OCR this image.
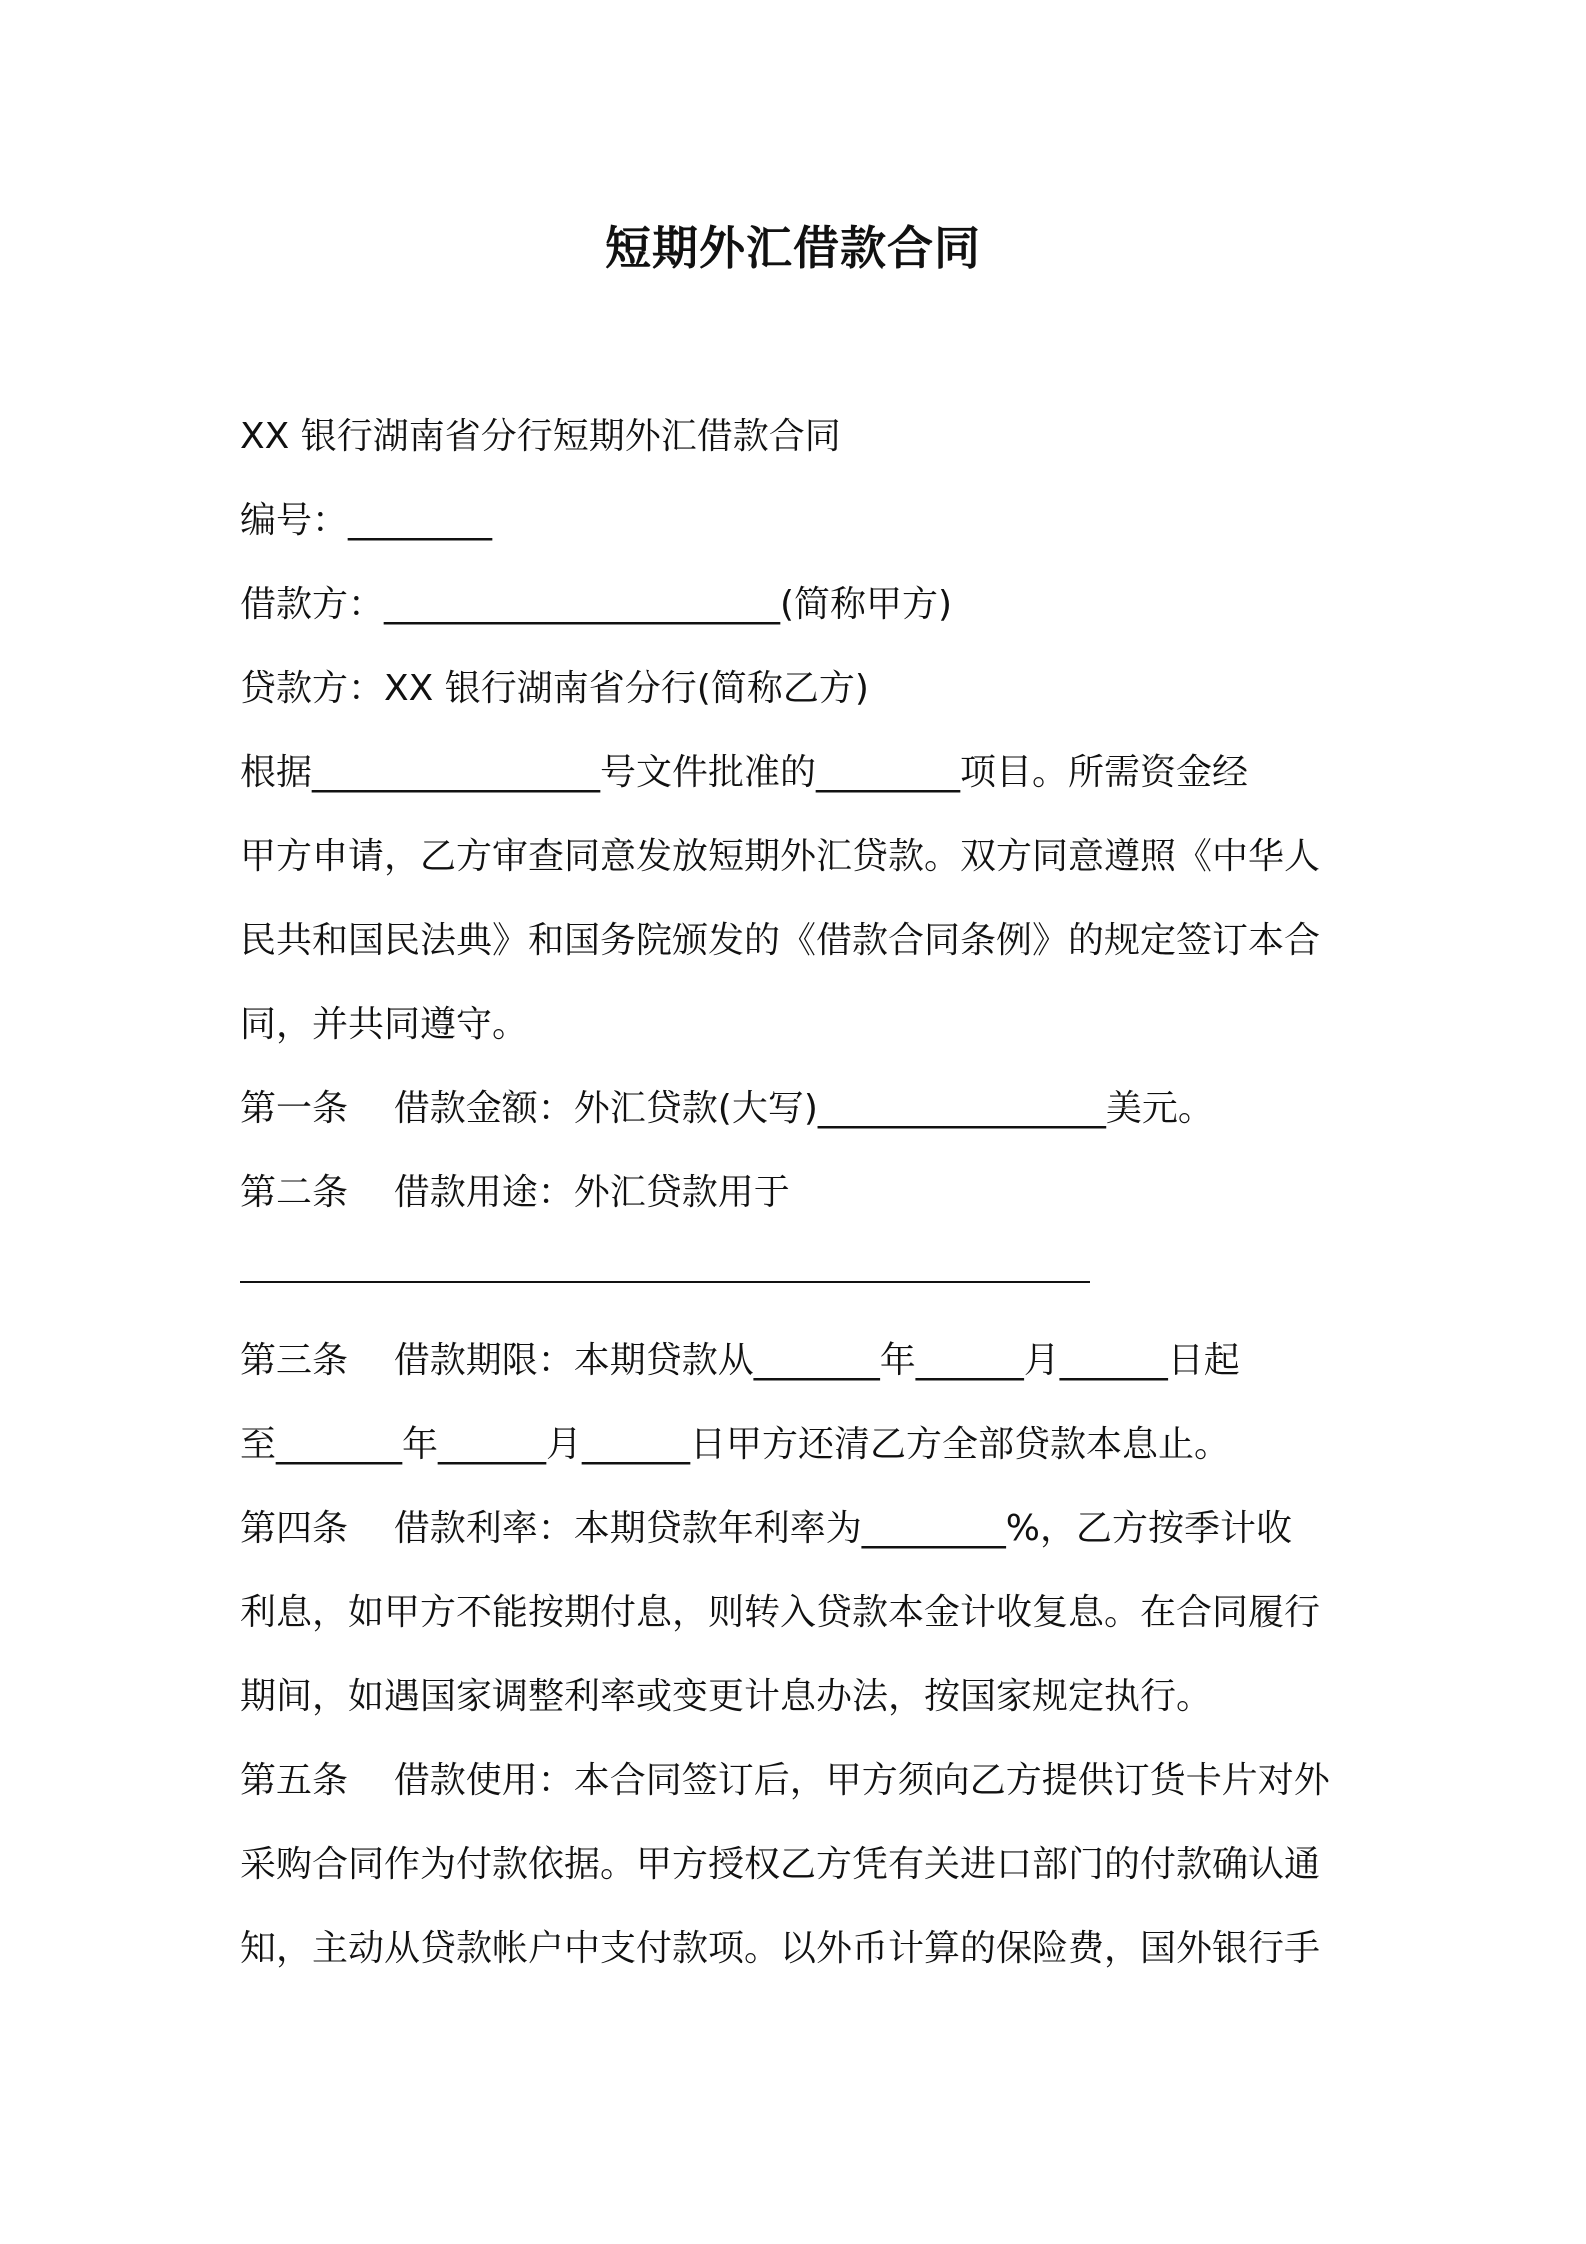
短期外汇借款合同
XX 银行湖南省分行短期外汇借款合同
编号：________
借款方：______________________(简称甲方)
贷款方：XX 银行湖南省分行(简称乙方)
根据________________号文件批准的________项目。所需资金经
甲方申请，乙方审查同意发放短期外汇贷款。双方同意遵照《中华人
民共和国民法典》和国务院颁发的《借款合同条例》的规定签订本合
同，并共同遵守。
第一条    借款金额：外汇贷款(大写)________________美元。
第二条    借款用途：外汇贷款用于
第三条    借款期限：本期贷款从_______年______月______日起
至_______年______月______日甲方还清乙方全部贷款本息止。
第四条    借款利率：本期贷款年利率为________%，乙方按季计收
利息，如甲方不能按期付息，则转入贷款本金计收复息。在合同履行
期间，如遇国家调整利率或变更计息办法，按国家规定执行。
第五条    借款使用：本合同签订后，甲方须向乙方提供订货卡片对外
采购合同作为付款依据。甲方授权乙方凭有关进口部门的付款确认通
知，主动从贷款帐户中支付款项。以外币计算的保险费，国外银行手
